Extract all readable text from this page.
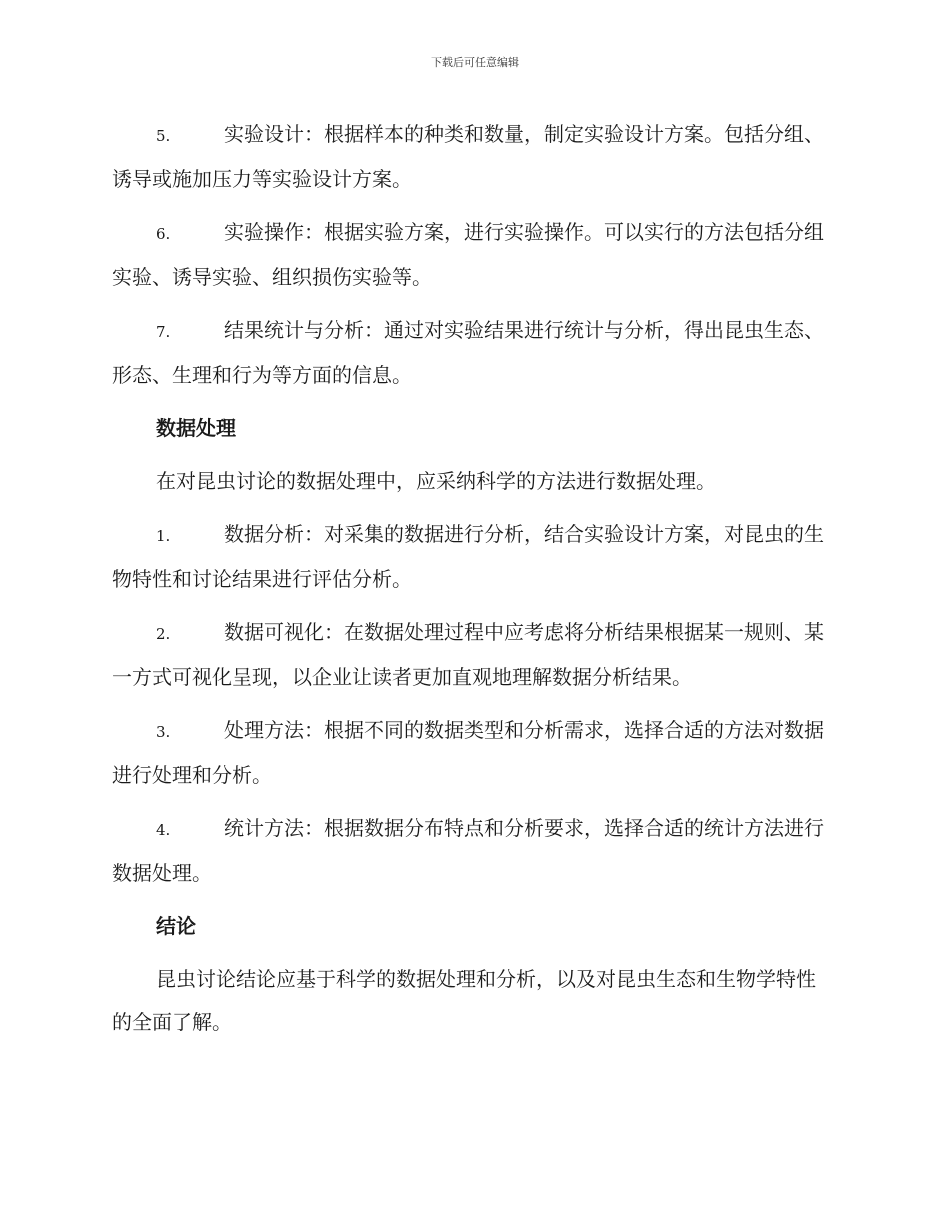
下载后可任意编辑

5.	实验设计：根据样本的种类和数量，制定实验设计方案。包括分组、诱导或施加压力等实验设计方案。

6.	实验操作：根据实验方案，进行实验操作。可以实行的方法包括分组实验、诱导实验、组织损伤实验等。

7.	结果统计与分析：通过对实验结果进行统计与分析，得出昆虫生态、形态、生理和行为等方面的信息。

数据处理

在对昆虫讨论的数据处理中，应采纳科学的方法进行数据处理。

1.	数据分析：对采集的数据进行分析，结合实验设计方案，对昆虫的生物特性和讨论结果进行评估分析。

2.	数据可视化：在数据处理过程中应考虑将分析结果根据某一规则、某一方式可视化呈现，以企业让读者更加直观地理解数据分析结果。

3.	处理方法：根据不同的数据类型和分析需求，选择合适的方法对数据进行处理和分析。

4.	统计方法：根据数据分布特点和分析要求，选择合适的统计方法进行数据处理。

结论

昆虫讨论结论应基于科学的数据处理和分析，以及对昆虫生态和生物学特性的全面了解。
